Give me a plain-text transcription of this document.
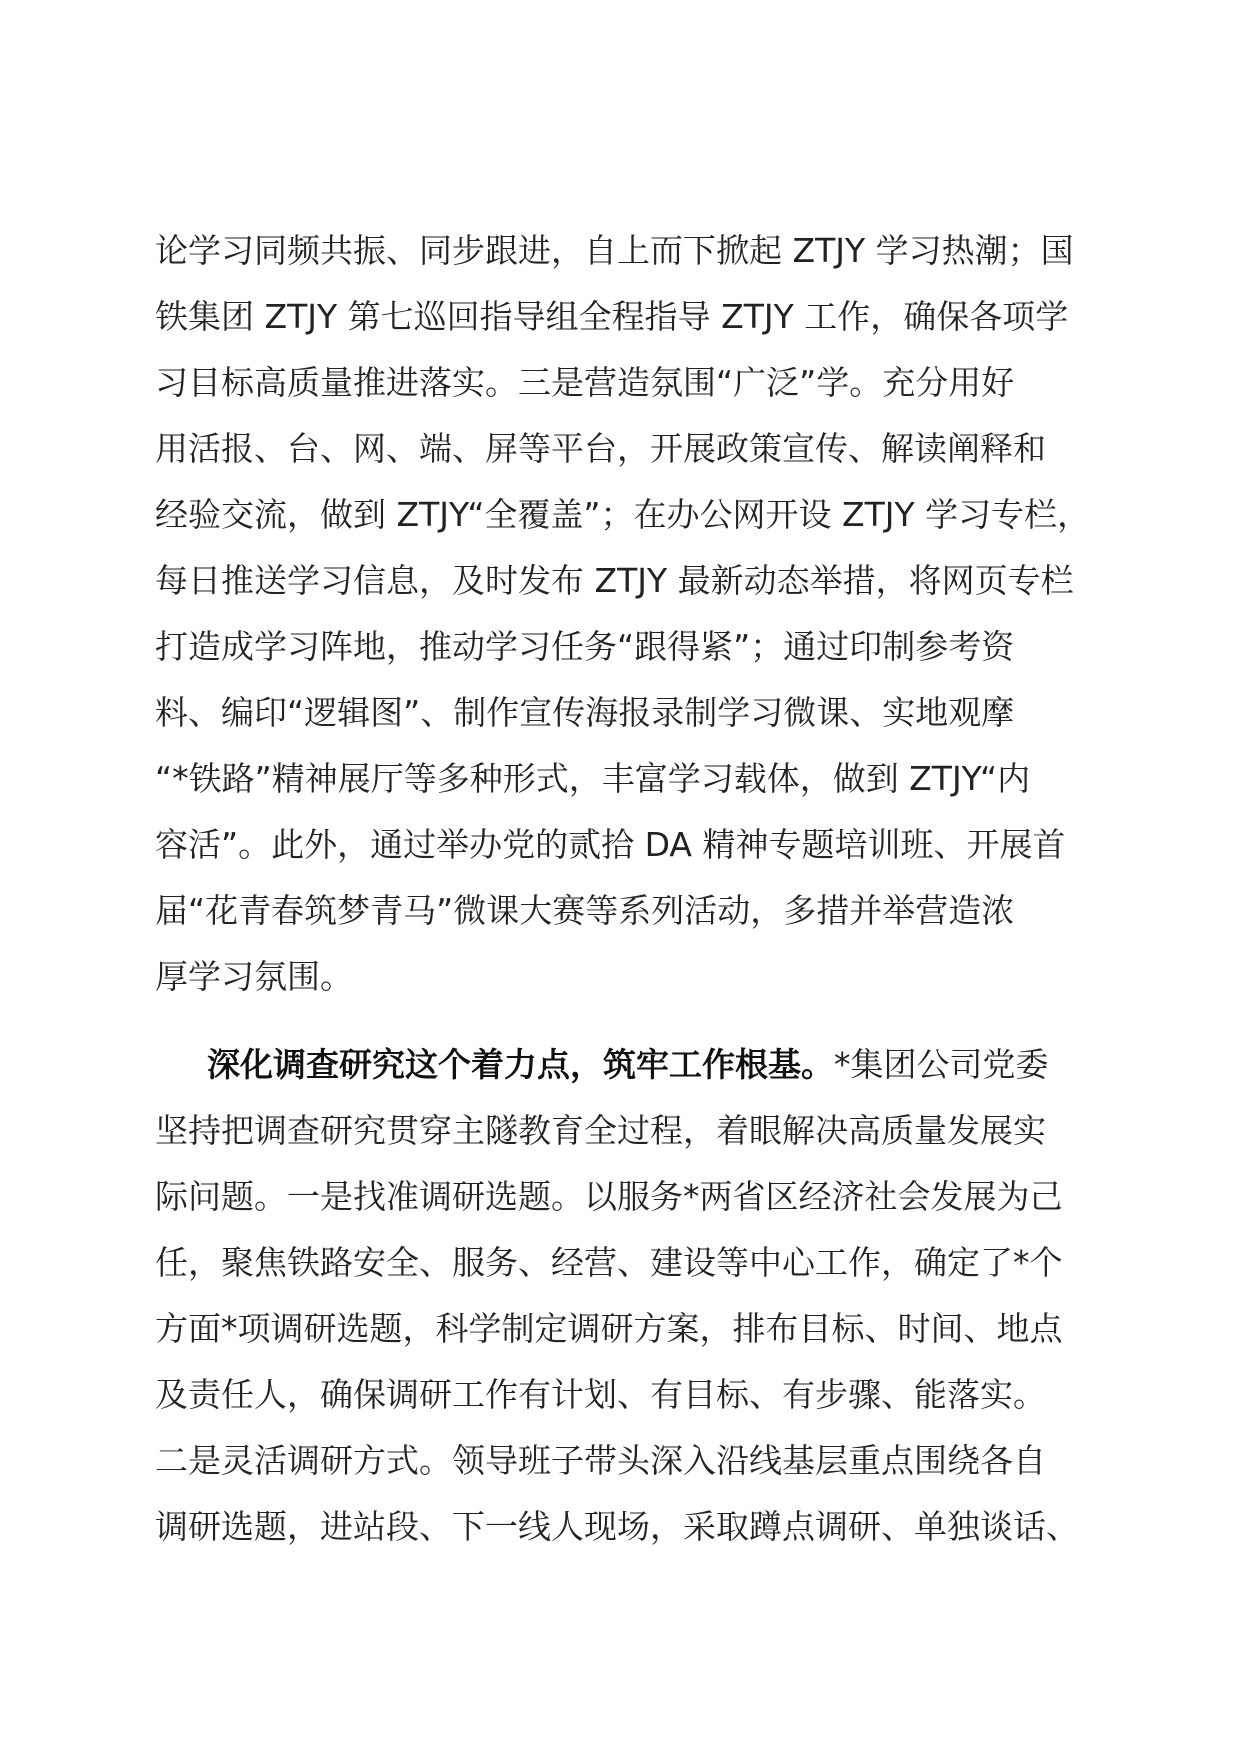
论学习同频共振、同步跟进，自上而下掀起 ZTJY 学习热潮；国
铁集团 ZTJY 第七巡回指导组全程指导 ZTJY 工作，确保各项学
习目标高质量推进落实。三是营造氛围“广泛”学。充分用好
用活报、台、网、端、屏等平台，开展政策宣传、解读阐释和
经验交流，做到 ZTJY“全覆盖”；在办公网开设 ZTJY 学习专栏，
每日推送学习信息，及时发布 ZTJY 最新动态举措，将网页专栏
打造成学习阵地，推动学习任务“跟得紧”；通过印制参考资
料、编印“逻辑图”、制作宣传海报录制学习微课、实地观摩
“*铁路”精神展厅等多种形式，丰富学习载体，做到 ZTJY“内
容活”。此外，通过举办党的贰拾 DA 精神专题培训班、开展首
届“花青春筑梦青马”微课大赛等系列活动，多措并举营造浓
厚学习氛围。
深化调查研究这个着力点，筑牢工作根基。*集团公司党委
坚持把调查研究贯穿主隧教育全过程，着眼解决高质量发展实
际问题。一是找准调研选题。以服务*两省区经济社会发展为己
任，聚焦铁路安全、服务、经营、建设等中心工作，确定了*个
方面*项调研选题，科学制定调研方案，排布目标、时间、地点
及责任人，确保调研工作有计划、有目标、有步骤、能落实。
二是灵活调研方式。领导班子带头深入沿线基层重点围绕各自
调研选题，进站段、下一线人现场，采取蹲点调研、单独谈话、
